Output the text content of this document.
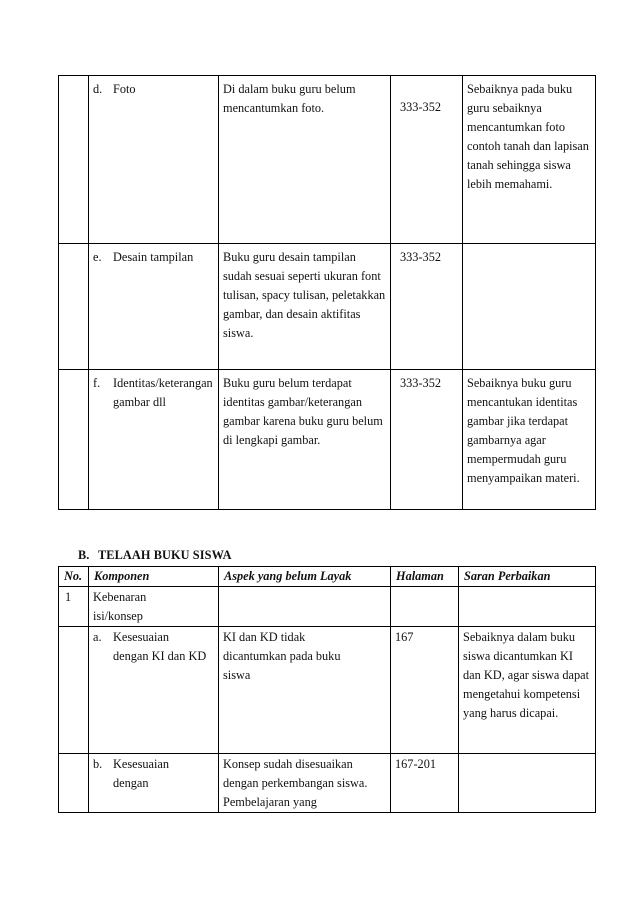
	d. Foto	Di dalam buku guru belum mencantumkan foto.	333-352	Sebaiknya pada buku guru sebaiknya mencantumkan foto contoh tanah dan lapisan tanah sehingga siswa lebih memahami.

	e. Desain tampilan	Buku guru desain tampilan sudah sesuai seperti ukuran font tulisan, spacy tulisan, peletakkan gambar, dan desain aktifitas siswa.	333-352	

	f. Identitas/keterangan gambar dll	Buku guru belum terdapat identitas gambar/keterangan gambar karena buku guru belum di lengkapi gambar.	333-352	Sebaiknya buku guru mencantukan identitas gambar jika terdapat gambarnya agar mempermudah guru menyampaikan materi.
B. TELAAH BUKU SISWA
No.	Komponen	Aspek yang belum Layak	Halaman	Saran Perbaikan

1	Kebenaran isi/konsep			

	a. Kesesuaian dengan KI dan KD	KI dan KD tidak dicantumkan pada buku siswa	167	Sebaiknya dalam buku siswa dicantumkan KI dan KD, agar siswa dapat mengetahui kompetensi yang harus dicapai.

	b. Kesesuaian dengan	Konsep sudah disesuaikan dengan perkembangan siswa. Pembelajaran yang	167-201	
